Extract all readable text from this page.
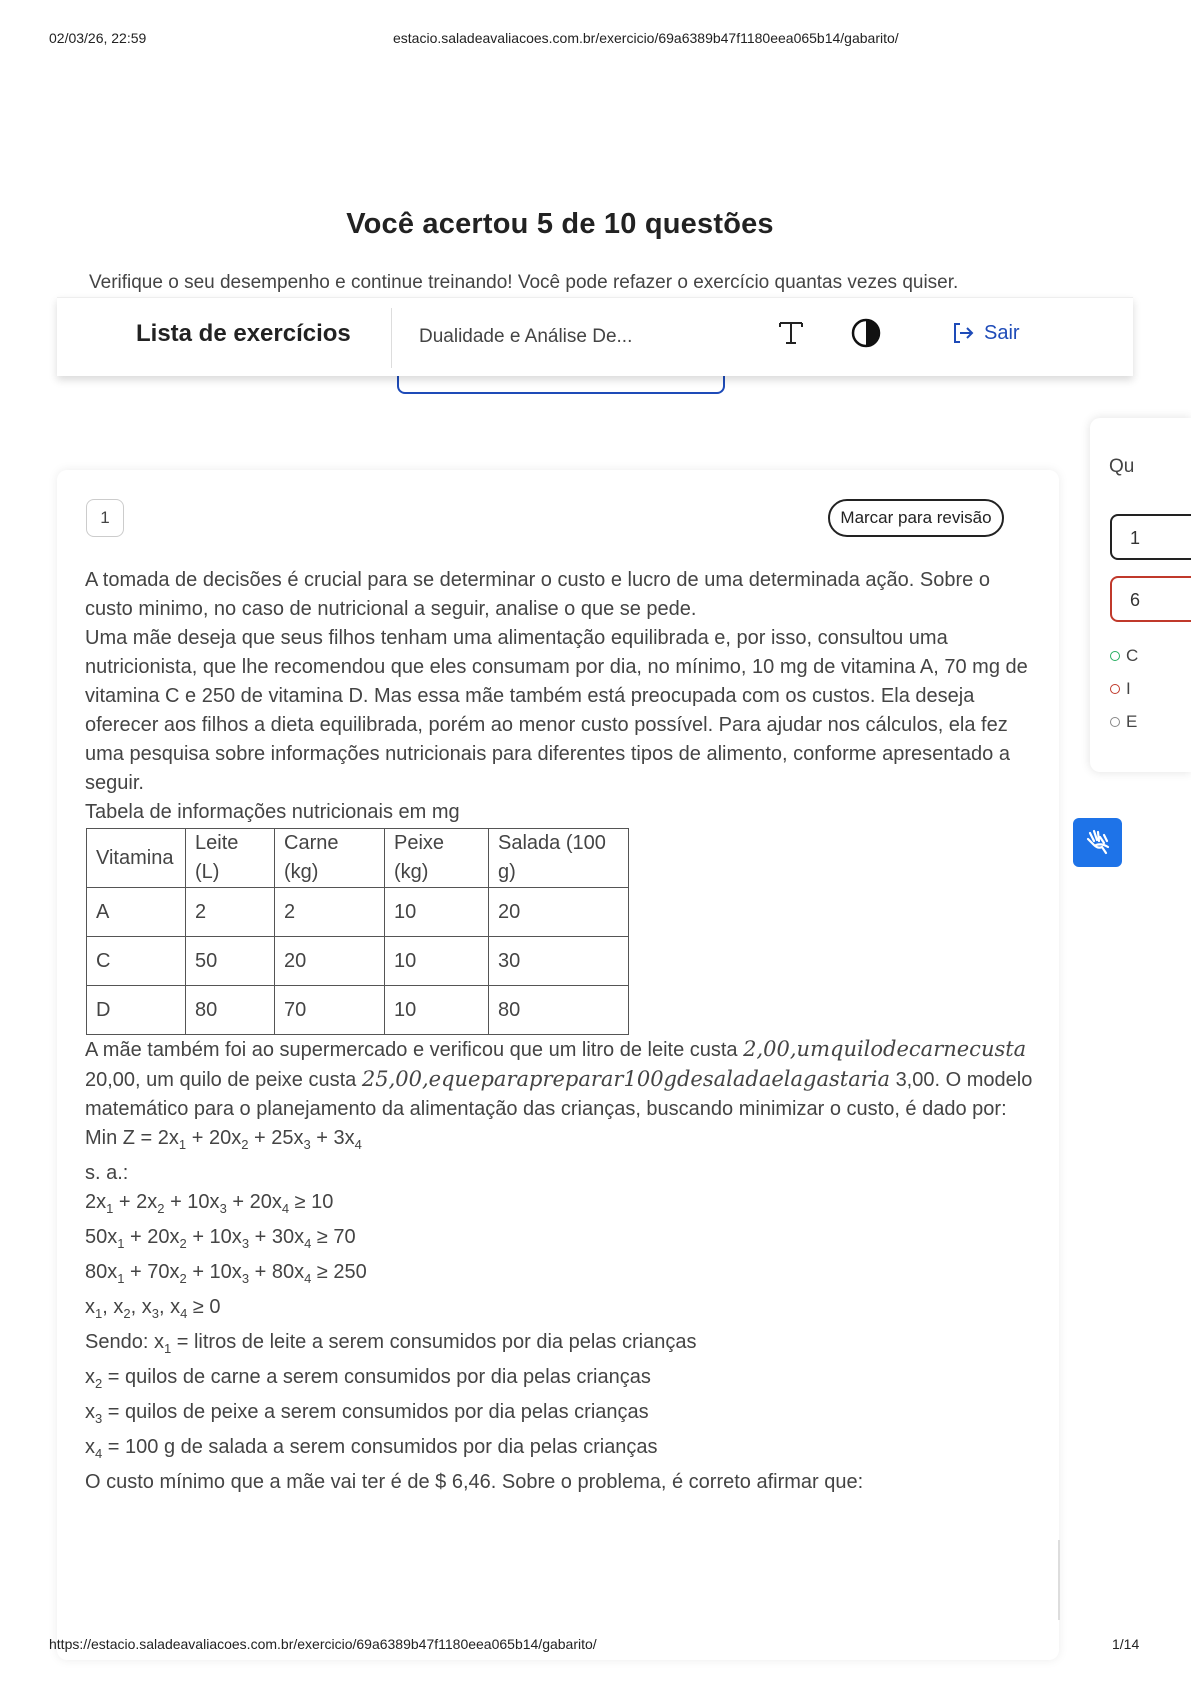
02/03/26, 22:59	estacio.saladeavaliacoes.com.br/exercicio/69a6389b47f1180eea065b14/gabarito/
Você acertou 5 de 10 questões
Verifique o seu desempenho e continue treinando! Você pode refazer o exercício quantas vezes quiser.
Lista de exercícios	Dualidade e Análise De...	Sair
1	Marcar para revisão

A tomada de decisões é crucial para se determinar o custo e lucro de uma determinada ação. Sobre o custo minimo, no caso de nutricional a seguir, analise o que se pede.

Uma mãe deseja que seus filhos tenham uma alimentação equilibrada e, por isso, consultou uma nutricionista, que lhe recomendou que eles consumam por dia, no mínimo, 10 mg de vitamina A, 70 mg de vitamina C e 250 de vitamina D. Mas essa mãe também está preocupada com os custos. Ela deseja oferecer aos filhos a dieta equilibrada, porém ao menor custo possível. Para ajudar nos cálculos, ela fez uma pesquisa sobre informações nutricionais para diferentes tipos de alimento, conforme apresentado a seguir.

Tabela de informações nutricionais em mg

Vitamina	Leite (L)	Carne (kg)	Peixe (kg)	Salada (100 g)
A	2	2	10	20
C	50	20	10	30
D	80	70	10	80

A mãe também foi ao supermercado e verificou que um litro de leite custa 2,00,umquilodecarnecusta 20,00, um quilo de peixe custa 25,00,equeparapreparar100gdesaladaelagastaria 3,00. O modelo matemático para o planejamento da alimentação das crianças, buscando minimizar o custo, é dado por:

Min $Z = 2x_1 + 20x_2 + 25x_3 + 3x_4$

s. a.:

$2x_1 + 2x_2 + 10x_3 + 20x_4 \ge 10$

$50x_1 + 20x_2 + 10x_3 + 30x_4 \ge 70$

$80x_1 + 70x_2 + 10x_3 + 80x_4 \ge 250$

$x_1$, $x_2$, $x_3$, $x_4 \ge 0$

Sendo: $x_1$ = litros de leite a serem consumidos por dia pelas crianças

$x_2$ = quilos de carne a serem consumidos por dia pelas crianças

$x_3$ = quilos de peixe a serem consumidos por dia pelas crianças

$x_4 = 100$ g de salada a serem consumidos por dia pelas crianças

O custo mínimo que a mãe vai ter é de $ 6,46. Sobre o problema, é correto afirmar que:

Qu
1
6
C
I
E
https://estacio.saladeavaliacoes.com.br/exercicio/69a6389b47f1180eea065b14/gabarito/	1/14
